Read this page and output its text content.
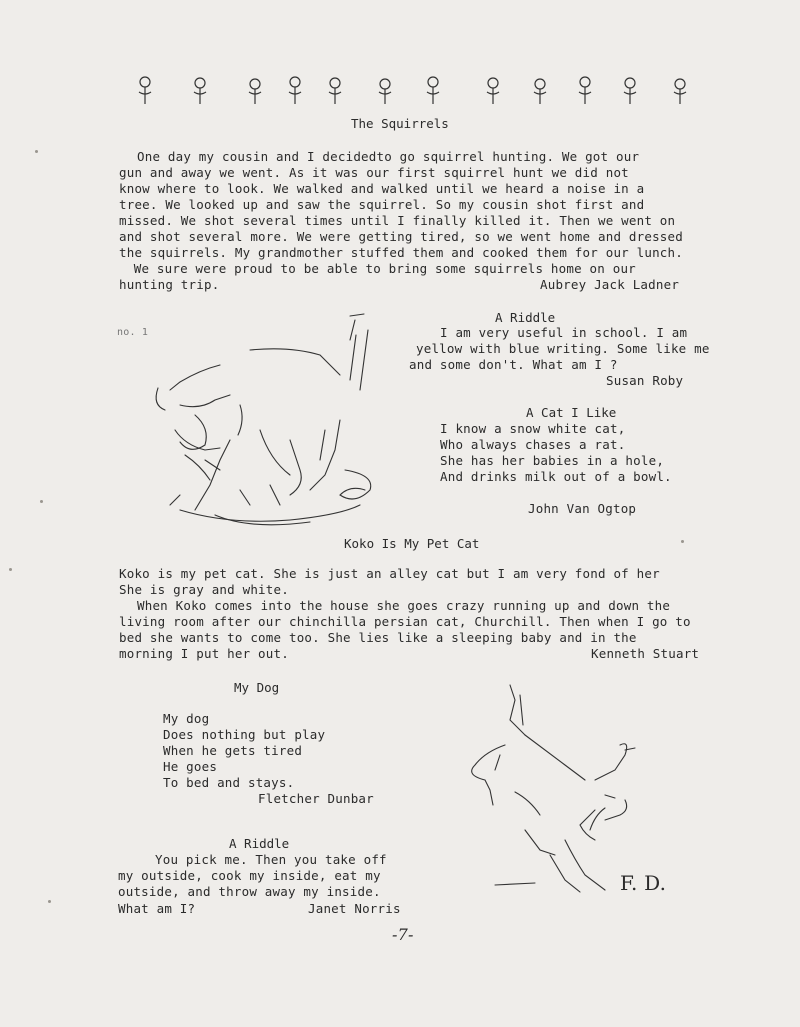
The Squirrels
One day my cousin and I decidedto go squirrel hunting. We got our
gun and away we went. As it was our first squirrel hunt we did not
know where to look. We walked and walked until we heard a noise in a
tree. We looked up and saw the squirrel. So my cousin shot first and
missed. We shot several times until I finally killed it. Then we went on
and shot several more. We were getting tired, so we went home and dressed
the squirrels. My grandmother stuffed them and cooked them for our lunch.
We sure were proud to be able to bring some squirrels home on our
hunting trip.	Aubrey Jack Ladner
no. 1
A Riddle
I am very useful in school. I am
yellow with blue writing. Some like me
and some don't. What am I ?
Susan Roby
A Cat I Like
I know a snow white cat,
Who always chases a rat.
She has her babies in a hole,
And drinks milk out of a bowl.
John Van Ogtop
Koko Is My Pet Cat
Koko is my pet cat. She is just an alley cat but I am very fond of her
She is gray and white.
When Koko comes into the house she goes crazy running up and down the
living room after our chinchilla persian cat, Churchill. Then when I go to
bed she wants to come too. She lies like a sleeping baby and in the
morning I put her out.	Kenneth Stuart
My Dog
My dog
Does nothing but play
When he gets tired
He goes
To bed and stays.
Fletcher Dunbar
A Riddle
You pick me. Then you take off
my outside, cook my inside, eat my
outside, and throw away my inside.
What am I?	Janet Norris
F. D.
-7-
